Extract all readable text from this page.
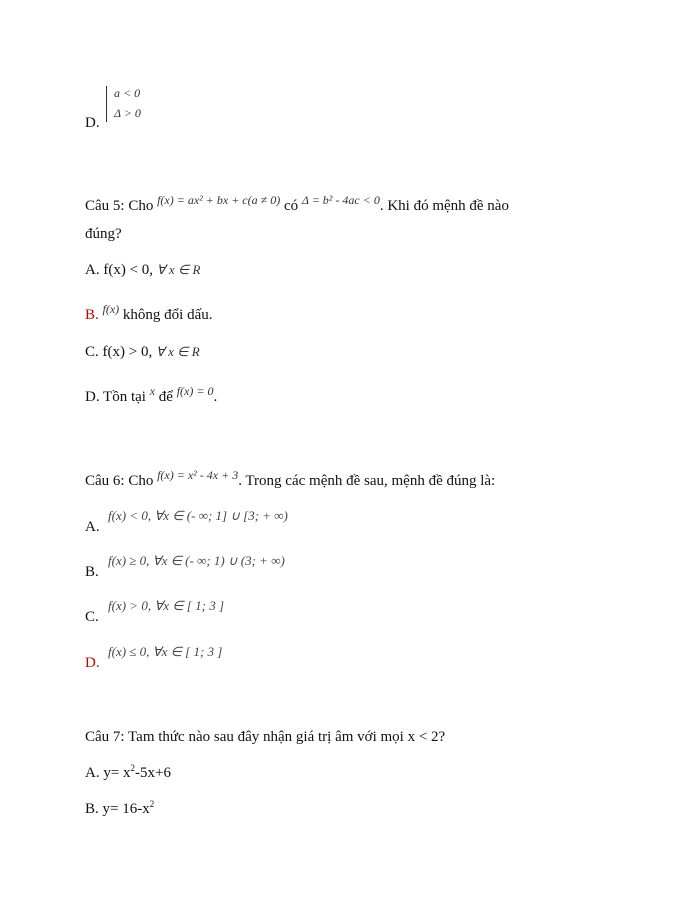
D.
a < 0
Δ > 0
Câu 5: Cho $^{f(x) = ax^2 + bx + c(a \ne 0)}$ có $^{\Delta = b^2 - 4ac < 0}$. Khi đó mệnh đề nào
đúng?
A. f(x) < 0, ∀ x ∈ R
B. $^{f(x)}$ không đổi dấu.
C. f(x) > 0, ∀ x ∈ R
D. Tồn tại $^x$ để $^{f(x) = 0}$.
Câu 6: Cho $^{f(x) = x^2 - 4x + 3}$. Trong các mệnh đề sau, mệnh đề đúng là:
A.
f(x) < 0, ∀x ∈ (- ∞; 1] ∪ [3; + ∞)
B.
f(x) ≥ 0, ∀x ∈ (- ∞; 1) ∪ (3; + ∞)
C.
f(x) > 0, ∀x ∈ [ 1; 3 ]
D.
f(x) ≤ 0, ∀x ∈ [ 1; 3 ]
Câu 7: Tam thức nào sau đây nhận giá trị âm với mọi x < 2?
A. $y= x^2-5x+6$
B. $y= 16-x^2$
